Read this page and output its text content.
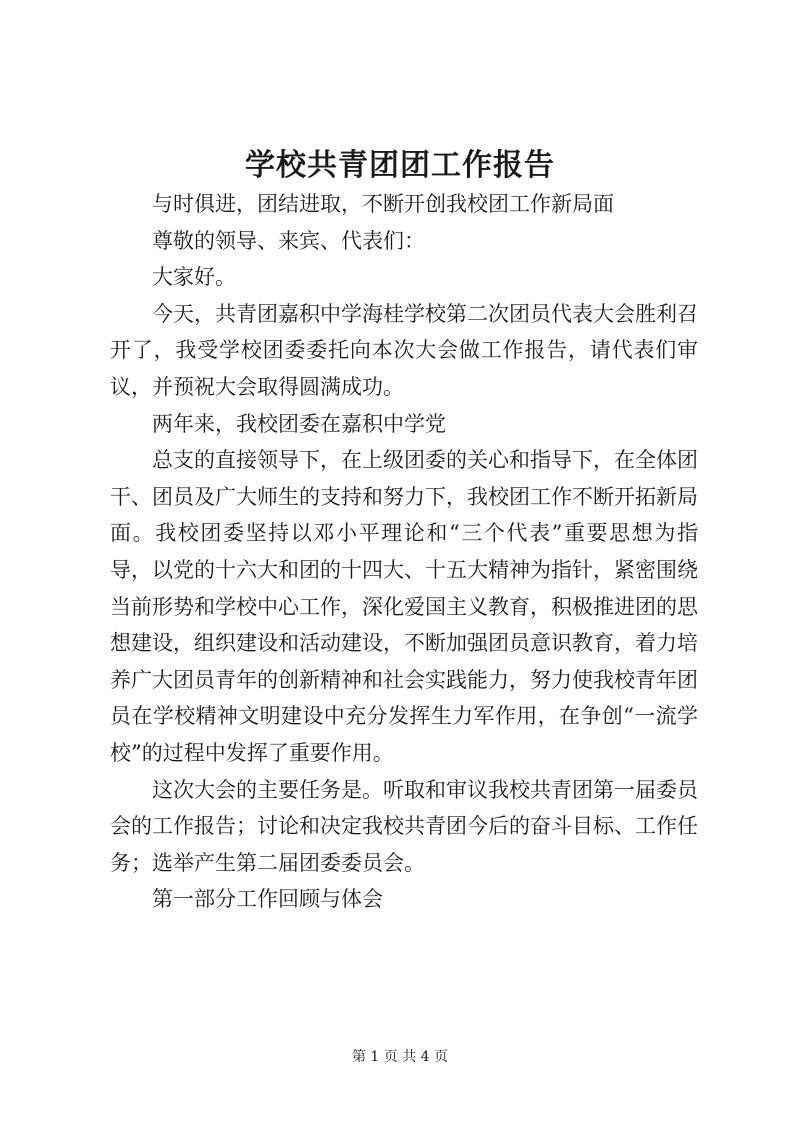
学校共青团团工作报告

与时俱进，团结进取，不断开创我校团工作新局面

尊敬的领导、来宾、代表们：

大家好。

今天，共青团嘉积中学海桂学校第二次团员代表大会胜利召开了，我受学校团委委托向本次大会做工作报告，请代表们审议，并预祝大会取得圆满成功。

两年来，我校团委在嘉积中学党

总支的直接领导下，在上级团委的关心和指导下，在全体团干、团员及广大师生的支持和努力下，我校团工作不断开拓新局面。我校团委坚持以邓小平理论和“三个代表”重要思想为指导，以党的十六大和团的十四大、十五大精神为指针，紧密围绕当前形势和学校中心工作，深化爱国主义教育，积极推进团的思想建设，组织建设和活动建设，不断加强团员意识教育，着力培养广大团员青年的创新精神和社会实践能力，努力使我校青年团员在学校精神文明建设中充分发挥生力军作用，在争创“一流学校”的过程中发挥了重要作用。

这次大会的主要任务是。听取和审议我校共青团第一届委员会的工作报告；讨论和决定我校共青团今后的奋斗目标、工作任务；选举产生第二届团委委员会。

第一部分工作回顾与体会

第 1 页 共 4 页
